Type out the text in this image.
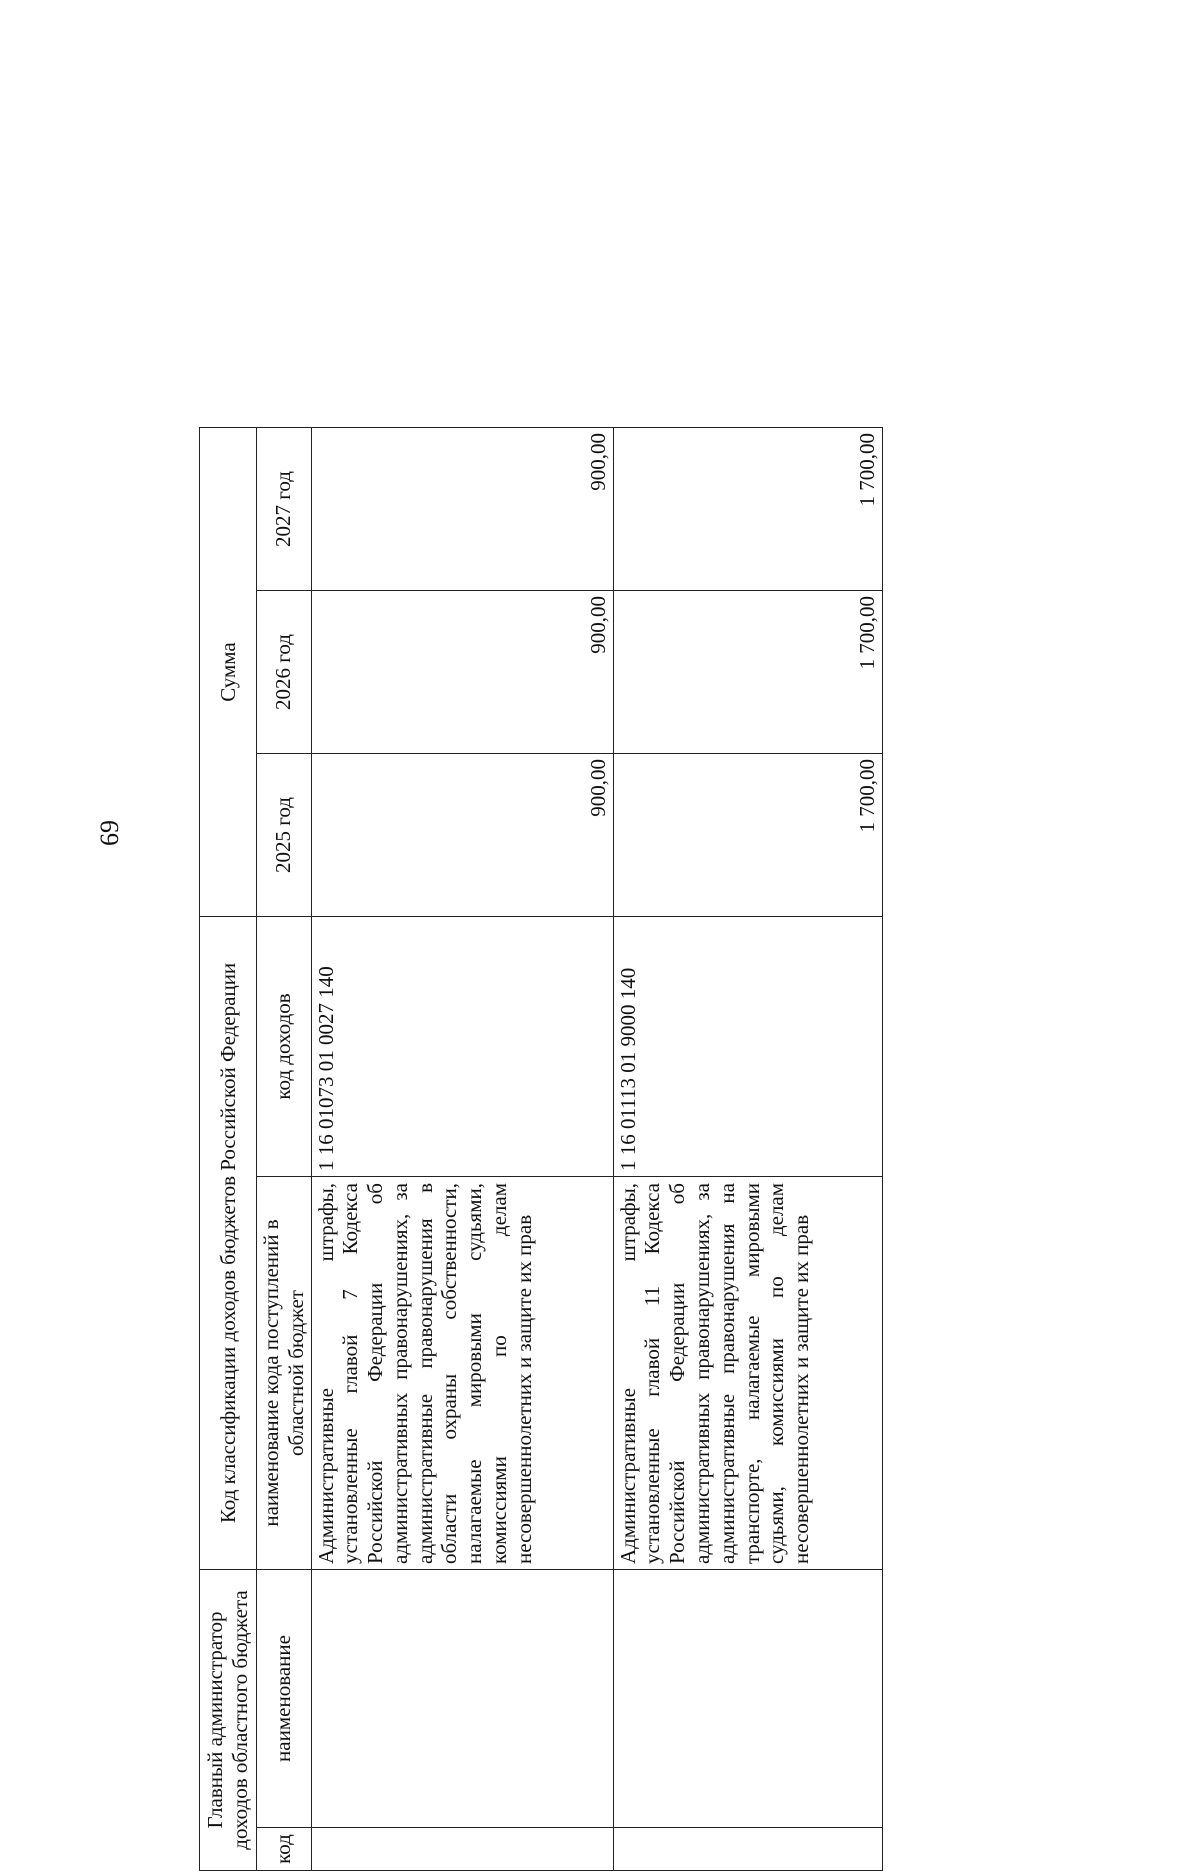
69
Главный администратор доходов областного бюджета		Код классификации доходов бюджетов Российской Федерации		Сумма		
код	наименование	наименование кода поступлений в областной бюджет	код доходов	2025 год	2026 год	2027 год
		Административные штрафы, установленные главой 7 Кодекса Российской Федерации об административных правонарушениях, за административные правонарушения в области охраны собственности, налагаемые мировыми судьями, комиссиями по делам несовершеннолетних и защите их прав	1 16 01073 01 0027 140	900,00	900,00	900,00
		Административные штрафы, установленные главой 11 Кодекса Российской Федерации об административных правонарушениях, за административные правонарушения на транспорте, налагаемые мировыми судьями, комиссиями по делам несовершеннолетних и защите их прав	1 16 01113 01 9000 140	1 700,00	1 700,00	1 700,00
